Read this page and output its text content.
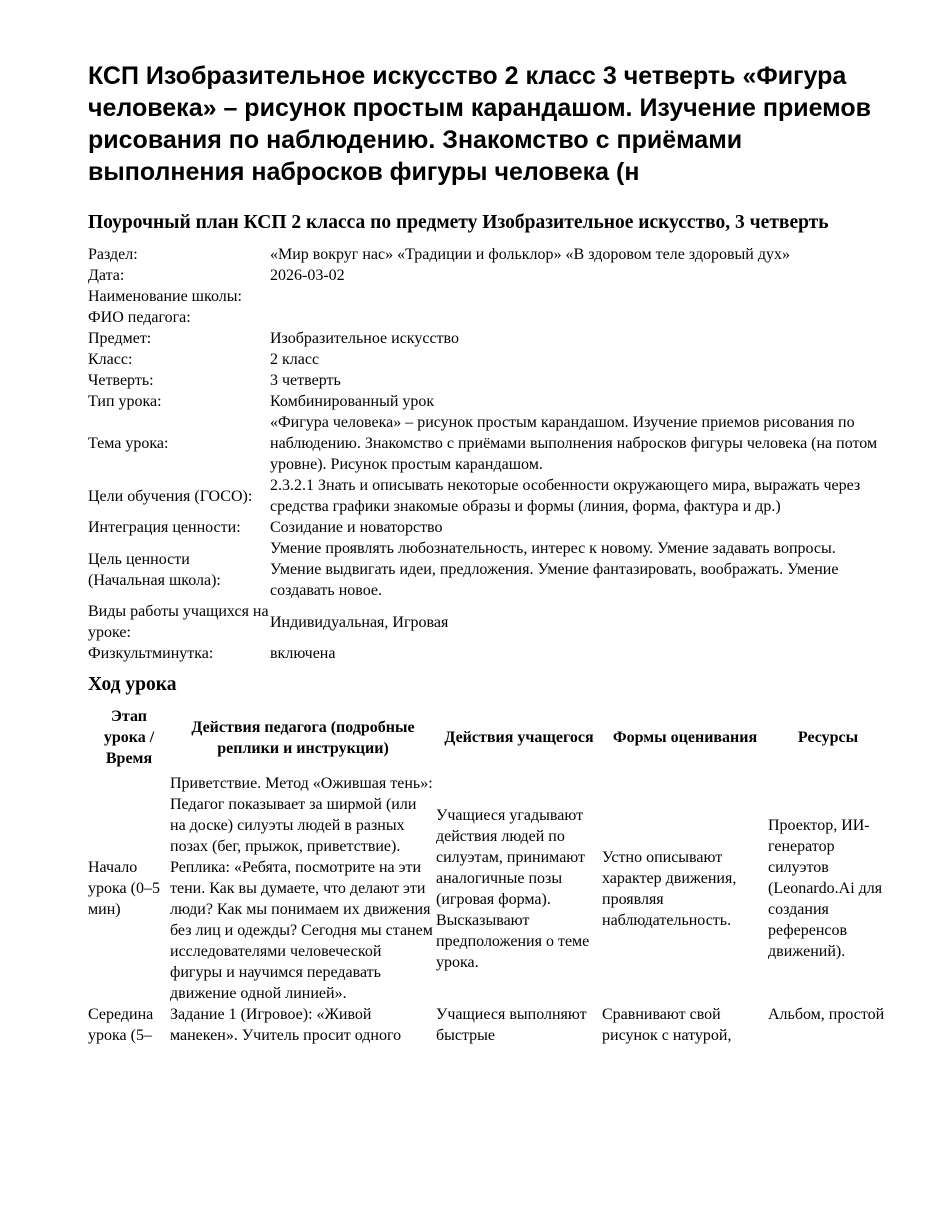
КСП Изобразительное искусство 2 класс 3 четверть «Фигура человека» – рисунок простым карандашом. Изучение приемов рисования по наблюдению. Знакомство с приёмами выполнения набросков фигуры человека (н
Поурочный план КСП 2 класса по предмету Изобразительное искусство, 3 четверть
Раздел:	«Мир вокруг нас» «Традиции и фольклор» «В здоровом теле здоровый дух»
Дата:	2026-03-02
Наименование школы:	
ФИО педагога:	
Предмет:	Изобразительное искусство
Класс:	2 класс
Четверть:	3 четверть
Тип урока:	Комбинированный урок
Тема урока:	«Фигура человека» – рисунок простым карандашом. Изучение приемов рисования по наблюдению. Знакомство с приёмами выполнения набросков фигуры человека (на потом уровне). Рисунок простым карандашом.
Цели обучения (ГОСО):	2.3.2.1 Знать и описывать некоторые особенности окружающего мира, выражать через средства графики знакомые образы и формы (линия, форма, фактура и др.)
Интеграция ценности:	Созидание и новаторство
Цель ценности (Начальная школа):	Умение проявлять любознательность, интерес к новому. Умение задавать вопросы. Умение выдвигать идеи, предложения. Умение фантазировать, воображать. Умение создавать новое.
Виды работы учащихся на уроке:	Индивидуальная, Игровая
Физкультминутка:	включена
Ход урока
Этап урока / Время	Действия педагога (подробные реплики и инструкции)	Действия учащегося	Формы оценивания	Ресурсы
Начало урока (0–5 мин)	Приветствие. Метод «Ожившая тень»: Педагог показывает за ширмой (или на доске) силуэты людей в разных позах (бег, прыжок, приветствие). Реплика: «Ребята, посмотрите на эти тени. Как вы думаете, что делают эти люди? Как мы понимаем их движения без лиц и одежды? Сегодня мы станем исследователями человеческой фигуры и научимся передавать движение одной линией».	Учащиеся угадывают действия людей по силуэтам, принимают аналогичные позы (игровая форма). Высказывают предположения о теме урока.	Устно описывают характер движения, проявляя наблюдательность.	Проектор, ИИ-генератор силуэтов (Leonardo.Ai для создания референсов движений).
Середина урока (5–	Задание 1 (Игровое): «Живой манекен». Учитель просит одного	Учащиеся выполняют быстрые	Сравнивают свой рисунок с натурой,	Альбом, простой
